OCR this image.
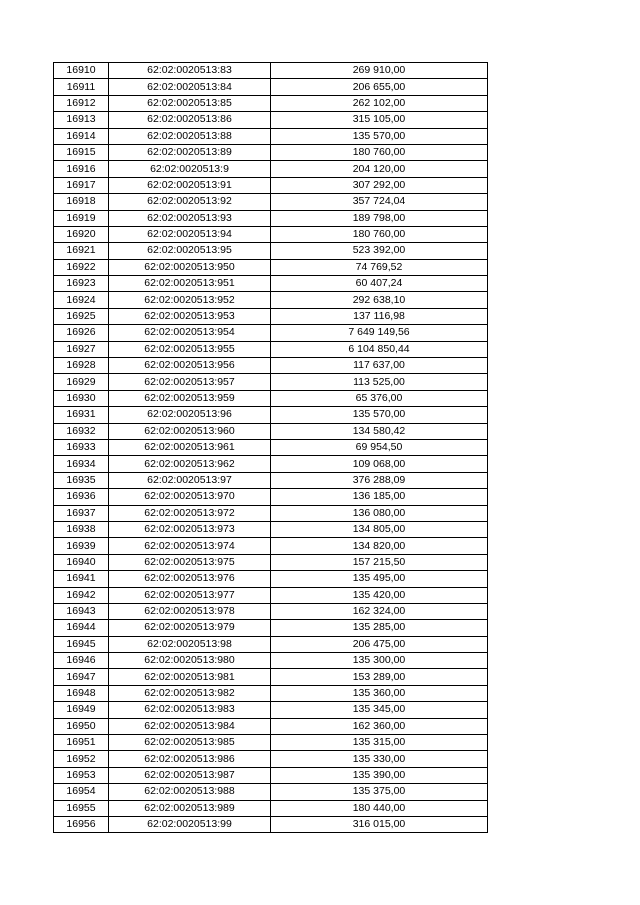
16910	62:02:0020513:83	269 910,00
16911	62:02:0020513:84	206 655,00
16912	62:02:0020513:85	262 102,00
16913	62:02:0020513:86	315 105,00
16914	62:02:0020513:88	135 570,00
16915	62:02:0020513:89	180 760,00
16916	62:02:0020513:9	204 120,00
16917	62:02:0020513:91	307 292,00
16918	62:02:0020513:92	357 724,04
16919	62:02:0020513:93	189 798,00
16920	62:02:0020513:94	180 760,00
16921	62:02:0020513:95	523 392,00
16922	62:02:0020513:950	74 769,52
16923	62:02:0020513:951	60 407,24
16924	62:02:0020513:952	292 638,10
16925	62:02:0020513:953	137 116,98
16926	62:02:0020513:954	7 649 149,56
16927	62:02:0020513:955	6 104 850,44
16928	62:02:0020513:956	117 637,00
16929	62:02:0020513:957	113 525,00
16930	62:02:0020513:959	65 376,00
16931	62:02:0020513:96	135 570,00
16932	62:02:0020513:960	134 580,42
16933	62:02:0020513:961	69 954,50
16934	62:02:0020513:962	109 068,00
16935	62:02:0020513:97	376 288,09
16936	62:02:0020513:970	136 185,00
16937	62:02:0020513:972	136 080,00
16938	62:02:0020513:973	134 805,00
16939	62:02:0020513:974	134 820,00
16940	62:02:0020513:975	157 215,50
16941	62:02:0020513:976	135 495,00
16942	62:02:0020513:977	135 420,00
16943	62:02:0020513:978	162 324,00
16944	62:02:0020513:979	135 285,00
16945	62:02:0020513:98	206 475,00
16946	62:02:0020513:980	135 300,00
16947	62:02:0020513:981	153 289,00
16948	62:02:0020513:982	135 360,00
16949	62:02:0020513:983	135 345,00
16950	62:02:0020513:984	162 360,00
16951	62:02:0020513:985	135 315,00
16952	62:02:0020513:986	135 330,00
16953	62:02:0020513:987	135 390,00
16954	62:02:0020513:988	135 375,00
16955	62:02:0020513:989	180 440,00
16956	62:02:0020513:99	316 015,00
